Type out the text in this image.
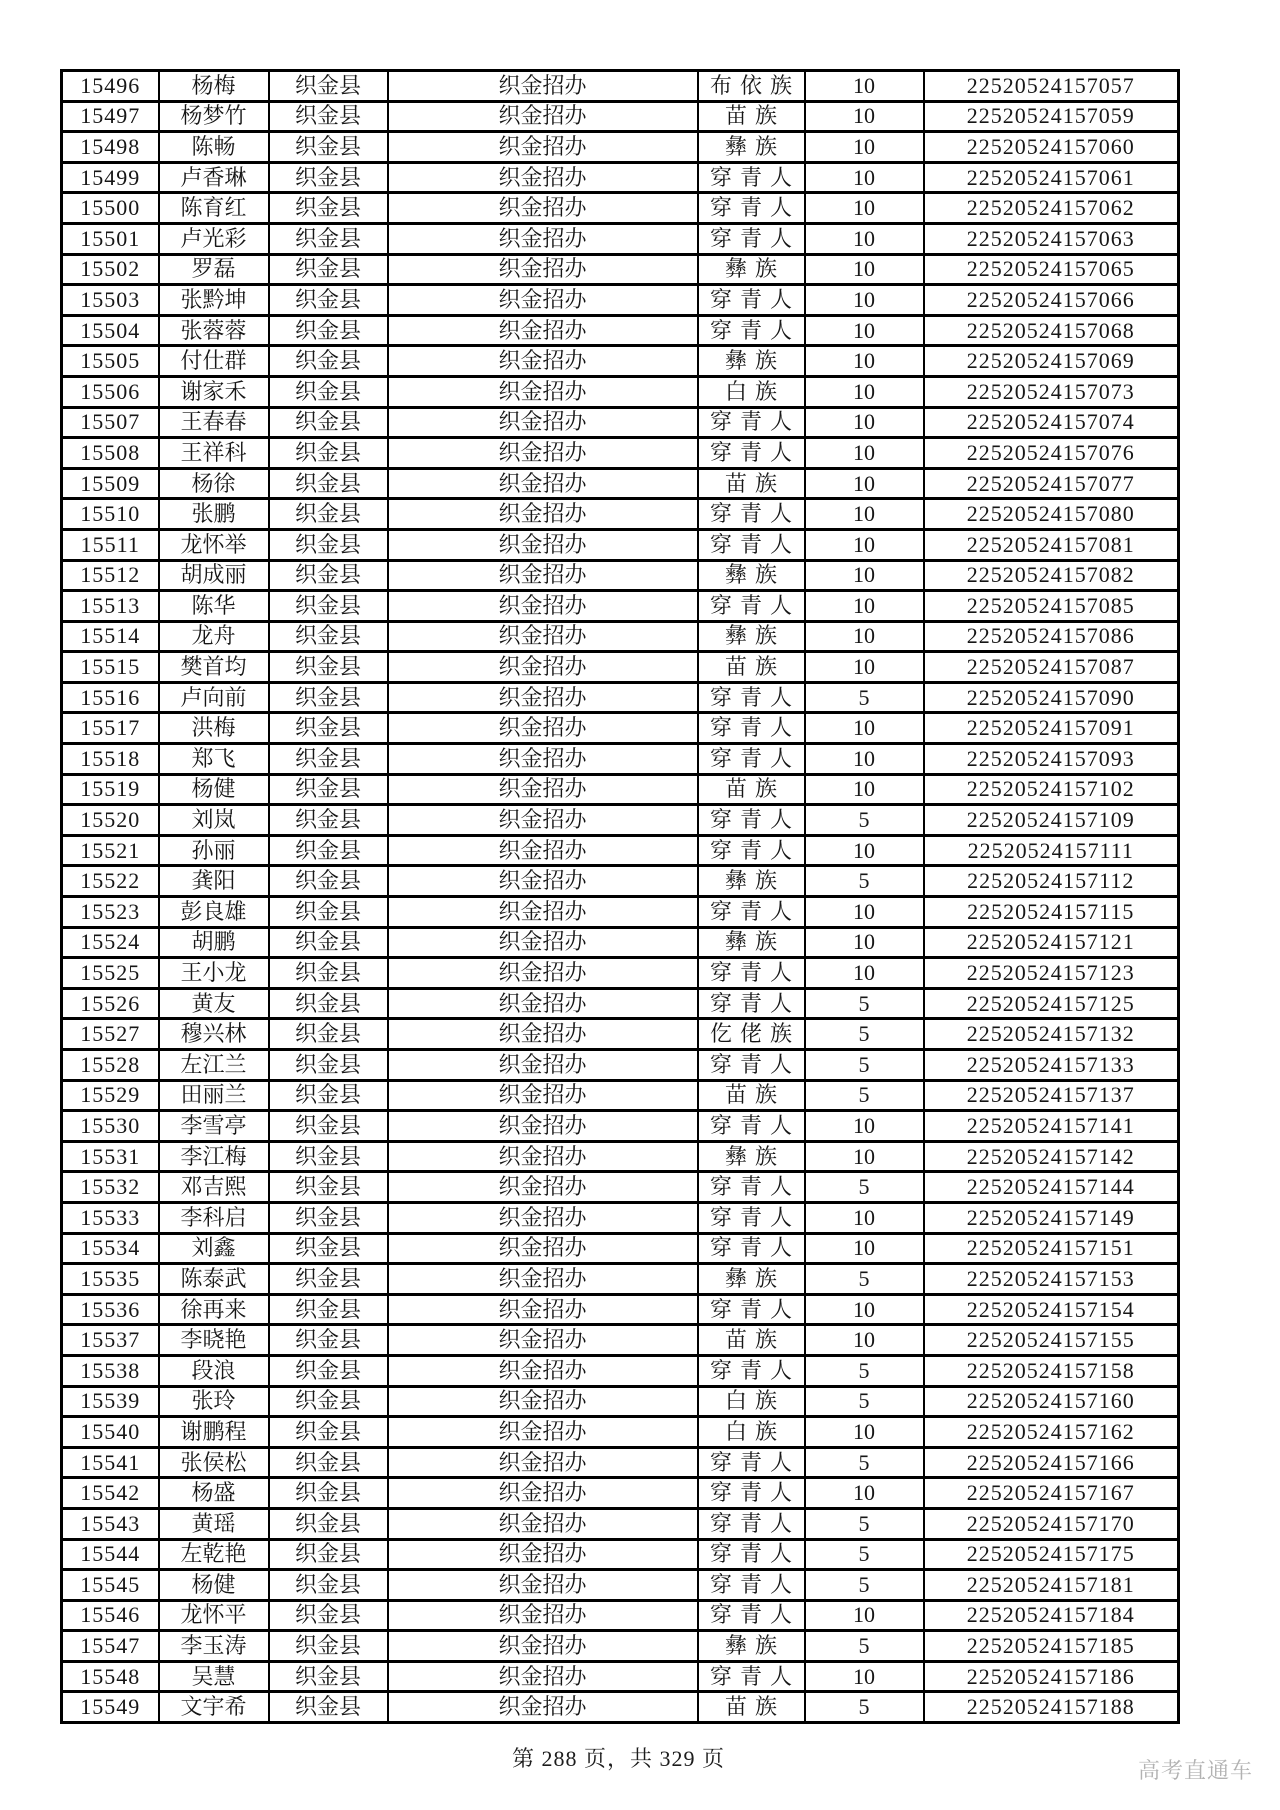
15496	杨梅	织金县	织金招办	布依族	10	22520524157057
15497	杨梦竹	织金县	织金招办	苗族	10	22520524157059
15498	陈畅	织金县	织金招办	彝族	10	22520524157060
15499	卢香琳	织金县	织金招办	穿青人	10	22520524157061
15500	陈育红	织金县	织金招办	穿青人	10	22520524157062
15501	卢光彩	织金县	织金招办	穿青人	10	22520524157063
15502	罗磊	织金县	织金招办	彝族	10	22520524157065
15503	张黔坤	织金县	织金招办	穿青人	10	22520524157066
15504	张蓉蓉	织金县	织金招办	穿青人	10	22520524157068
15505	付仕群	织金县	织金招办	彝族	10	22520524157069
15506	谢家禾	织金县	织金招办	白族	10	22520524157073
15507	王春春	织金县	织金招办	穿青人	10	22520524157074
15508	王祥科	织金县	织金招办	穿青人	10	22520524157076
15509	杨徐	织金县	织金招办	苗族	10	22520524157077
15510	张鹏	织金县	织金招办	穿青人	10	22520524157080
15511	龙怀举	织金县	织金招办	穿青人	10	22520524157081
15512	胡成丽	织金县	织金招办	彝族	10	22520524157082
15513	陈华	织金县	织金招办	穿青人	10	22520524157085
15514	龙舟	织金县	织金招办	彝族	10	22520524157086
15515	樊首均	织金县	织金招办	苗族	10	22520524157087
15516	卢向前	织金县	织金招办	穿青人	5	22520524157090
15517	洪梅	织金县	织金招办	穿青人	10	22520524157091
15518	郑飞	织金县	织金招办	穿青人	10	22520524157093
15519	杨健	织金县	织金招办	苗族	10	22520524157102
15520	刘岚	织金县	织金招办	穿青人	5	22520524157109
15521	孙丽	织金县	织金招办	穿青人	10	22520524157111
15522	龚阳	织金县	织金招办	彝族	5	22520524157112
15523	彭良雄	织金县	织金招办	穿青人	10	22520524157115
15524	胡鹏	织金县	织金招办	彝族	10	22520524157121
15525	王小龙	织金县	织金招办	穿青人	10	22520524157123
15526	黄友	织金县	织金招办	穿青人	5	22520524157125
15527	穆兴林	织金县	织金招办	仡佬族	5	22520524157132
15528	左江兰	织金县	织金招办	穿青人	5	22520524157133
15529	田丽兰	织金县	织金招办	苗族	5	22520524157137
15530	李雪亭	织金县	织金招办	穿青人	10	22520524157141
15531	李江梅	织金县	织金招办	彝族	10	22520524157142
15532	邓吉熙	织金县	织金招办	穿青人	5	22520524157144
15533	李科启	织金县	织金招办	穿青人	10	22520524157149
15534	刘鑫	织金县	织金招办	穿青人	10	22520524157151
15535	陈泰武	织金县	织金招办	彝族	5	22520524157153
15536	徐再来	织金县	织金招办	穿青人	10	22520524157154
15537	李晓艳	织金县	织金招办	苗族	10	22520524157155
15538	段浪	织金县	织金招办	穿青人	5	22520524157158
15539	张玲	织金县	织金招办	白族	5	22520524157160
15540	谢鹏程	织金县	织金招办	白族	10	22520524157162
15541	张侯松	织金县	织金招办	穿青人	5	22520524157166
15542	杨盛	织金县	织金招办	穿青人	10	22520524157167
15543	黄瑶	织金县	织金招办	穿青人	5	22520524157170
15544	左乾艳	织金县	织金招办	穿青人	5	22520524157175
15545	杨健	织金县	织金招办	穿青人	5	22520524157181
15546	龙怀平	织金县	织金招办	穿青人	10	22520524157184
15547	李玉涛	织金县	织金招办	彝族	5	22520524157185
15548	吴慧	织金县	织金招办	穿青人	10	22520524157186
15549	文宇希	织金县	织金招办	苗族	5	22520524157188
第 288 页，共 329 页	高考直通车
